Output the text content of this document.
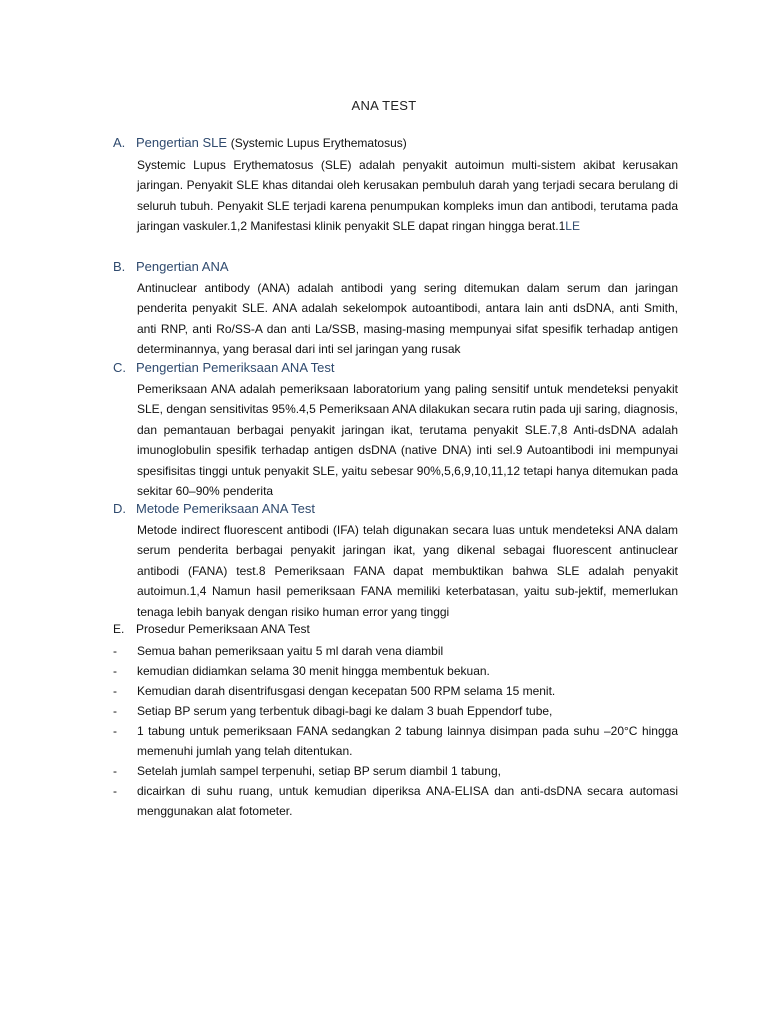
ANA TEST
A. Pengertian SLE (Systemic Lupus Erythematosus)
Systemic Lupus Erythematosus (SLE) adalah penyakit autoimun multi-sistem akibat kerusakan jaringan. Penyakit SLE khas ditandai oleh kerusakan pembuluh darah yang terjadi secara berulang di seluruh tubuh. Penyakit SLE terjadi karena penumpukan kompleks imun dan antibodi, terutama pada jaringan vaskuler.1,2 Manifestasi klinik penyakit SLE dapat ringan hingga berat.1LE
B. Pengertian ANA
Antinuclear antibody (ANA) adalah antibodi yang sering ditemukan dalam serum dan jaringan penderita penyakit SLE. ANA adalah sekelompok autoantibodi, antara lain anti dsDNA, anti Smith, anti RNP, anti Ro/SS-A dan anti La/SSB, masing-masing mempunyai sifat spesifik terhadap antigen determinannya, yang berasal dari inti sel jaringan yang rusak
C. Pengertian Pemeriksaan ANA Test
Pemeriksaan ANA adalah pemeriksaan laboratorium yang paling sensitif untuk mendeteksi penyakit SLE, dengan sensitivitas 95%.4,5 Pemeriksaan ANA dilakukan secara rutin pada uji saring, diagnosis, dan pemantauan berbagai penyakit jaringan ikat, terutama penyakit SLE.7,8 Anti-dsDNA adalah imunoglobulin spesifik terhadap antigen dsDNA (native DNA) inti sel.9 Autoantibodi ini mempunyai spesifisitas tinggi untuk penyakit SLE, yaitu sebesar 90%,5,6,9,10,11,12 tetapi hanya ditemukan pada sekitar 60–90% penderita
D. Metode Pemeriksaan ANA Test
Metode indirect fluorescent antibodi (IFA) telah digunakan secara luas untuk mendeteksi ANA dalam serum penderita berbagai penyakit jaringan ikat, yang dikenal sebagai fluorescent antinuclear antibodi (FANA) test.8 Pemeriksaan FANA dapat membuktikan bahwa SLE adalah penyakit autoimun.1,4 Namun hasil pemeriksaan FANA memiliki keterbatasan, yaitu sub-jektif, memerlukan tenaga lebih banyak dengan risiko human error yang tinggi
E. Prosedur Pemeriksaan ANA Test
- Semua bahan pemeriksaan yaitu 5 ml darah vena diambil
- kemudian didiamkan selama 30 menit hingga membentuk bekuan.
- Kemudian darah disentrifusgasi dengan kecepatan 500 RPM selama 15 menit.
- Setiap BP serum yang terbentuk dibagi-bagi ke dalam 3 buah Eppendorf tube,
- 1 tabung untuk pemeriksaan FANA sedangkan 2 tabung lainnya disimpan pada suhu –20°C hingga memenuhi jumlah yang telah ditentukan.
- Setelah jumlah sampel terpenuhi, setiap BP serum diambil 1 tabung,
- dicairkan di suhu ruang, untuk kemudian diperiksa ANA-ELISA dan anti-dsDNA secara automasi menggunakan alat fotometer.
